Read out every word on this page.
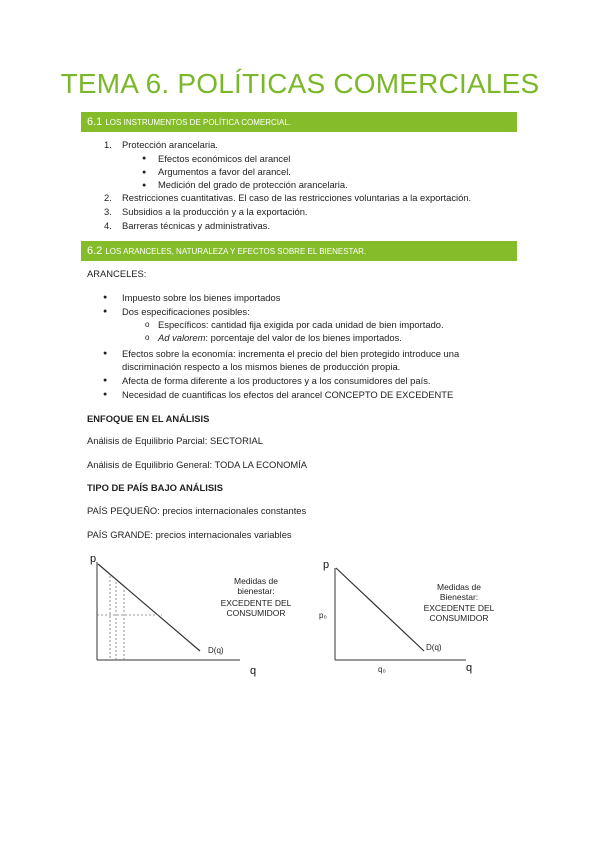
TEMA 6. POLÍTICAS COMERCIALES
6.1 LOS INSTRUMENTOS DE POLÍTICA COMERCIAL.
1. Protección arancelaria.
● Efectos económicos del arancel
● Argumentos a favor del arancel.
● Medición del grado de protección arancelaria.
2. Restricciones cuantitativas. El caso de las restricciones voluntarias a la exportación.
3. Subsidios a la producción y a la exportación.
4. Barreras técnicas y administrativas.
6.2 LOS ARANCELES, NATURALEZA Y EFECTOS SOBRE EL BIENESTAR.
ARANCELES:
● Impuesto sobre los bienes importados
● Dos especificaciones posibles:
o Específicos: cantidad fija exigida por cada unidad de bien importado.
o Ad valorem: porcentaje del valor de los bienes importados.
● Efectos sobre la economía: incrementa el precio del bien protegido introduce una
discriminación respecto a los mismos bienes de producción propia.
● Afecta de forma diferente a los productores y a los consumidores del país.
● Necesidad de cuantificas los efectos del arancel CONCEPTO DE EXCEDENTE
ENFOQUE EN EL ANÁLISIS
Análisis de Equilibrio Parcial: SECTORIAL
Análisis de Equilibrio General: TODA LA ECONOMÍA
TIPO DE PAÍS BAJO ANÁLISIS
PAÍS PEQUEÑO: precios internacionales constantes
PAÍS GRANDE: precios internacionales variables
p
D(q)
q
Medidas de
bienestar:
EXCEDENTE DEL
CONSUMIDOR
p
p₀
D(q)
q₀	q
Medidas de
Bienestar:
EXCEDENTE DEL
CONSUMIDOR
